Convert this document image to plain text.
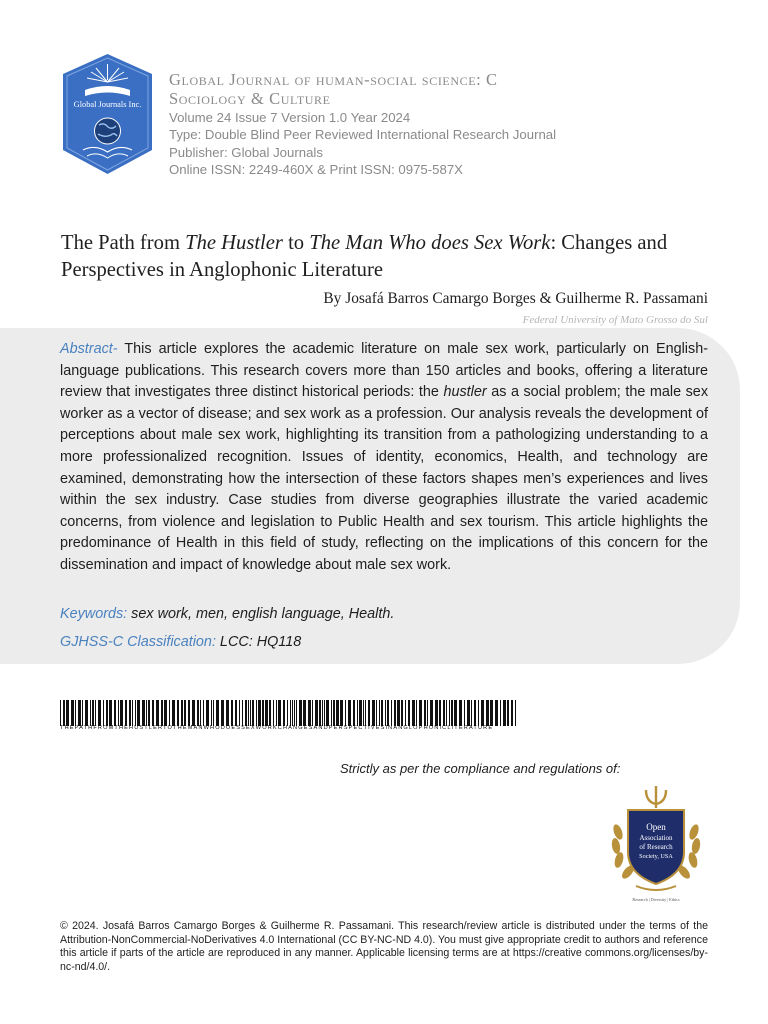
Global Journals Inc.
Global Journal of human-social science: C
Sociology & Culture
Volume 24 Issue 7 Version 1.0 Year 2024
Type: Double Blind Peer Reviewed International Research Journal
Publisher: Global Journals
Online ISSN: 2249-460X & Print ISSN: 0975-587X
The Path from The Hustler to The Man Who does Sex Work: Changes and Perspectives in Anglophonic Literature
By Josafá Barros Camargo Borges & Guilherme R. Passamani
Federal University of Mato Grosso do Sul

Abstract- This article explores the academic literature on male sex work, particularly on English-language publications. This research covers more than 150 articles and books, offering a literature review that investigates three distinct historical periods: the hustler as a social problem; the male sex worker as a vector of disease; and sex work as a profession. Our analysis reveals the development of perceptions about male sex work, highlighting its transition from a pathologizing understanding to a more professionalized recognition. Issues of identity, economics, Health, and technology are examined, demonstrating how the intersection of these factors shapes men’s experiences and lives within the sex industry. Case studies from diverse geographies illustrate the varied academic concerns, from violence and legislation to Public Health and sex tourism. This article highlights the predominance of Health in this field of study, reflecting on the implications of this concern for the dissemination and impact of knowledge about male sex work.

Keywords: sex work, men, english language, Health.
GJHSS-C Classification: LCC: HQ118
THEPATHFROMTHEHUSTLERTOTHEMANWHODOESSEXWORKCHANGESANDPERSPECTIVESINANGLOPHONICLITERATURE
Strictly as per the compliance and regulations of:
Open
Association
of Research
Society, USA
Research | Diversity | Ethics

© 2024. Josafá Barros Camargo Borges & Guilherme R. Passamani. This research/review article is distributed under the terms of the Attribution-NonCommercial-NoDerivatives 4.0 International (CC BY-NC-ND 4.0). You must give appropriate credit to authors and reference this article if parts of the article are reproduced in any manner. Applicable licensing terms are at https://creative commons.org/licenses/by-nc-nd/4.0/.
